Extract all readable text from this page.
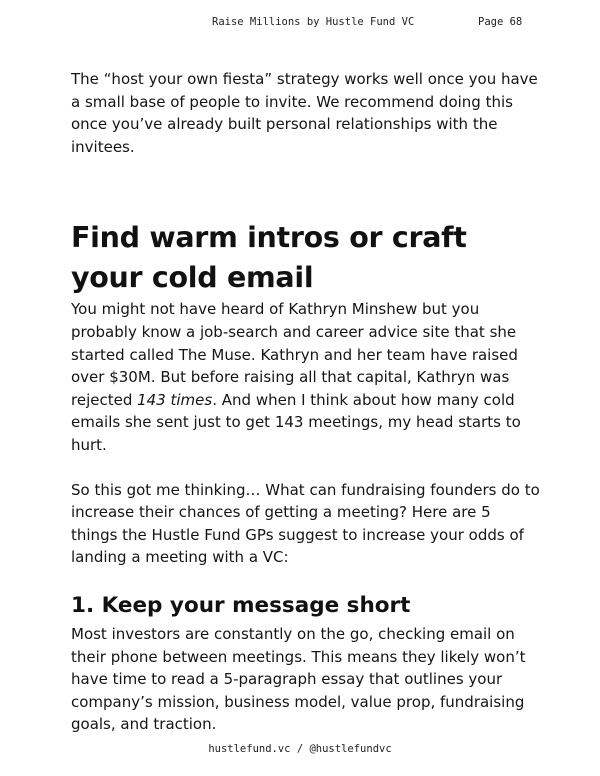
Raise Millions by Hustle Fund VC	Page 68

The “host your own fiesta” strategy works well once you have a small base of people to invite. We recommend doing this once you’ve already built personal relationships with the invitees.

Find warm intros or craft your cold email

You might not have heard of Kathryn Minshew but you probably know a job-search and career advice site that she started called The Muse. Kathryn and her team have raised over $30M. But before raising all that capital, Kathryn was rejected 143 times. And when I think about how many cold emails she sent just to get 143 meetings, my head starts to hurt.

So this got me thinking… What can fundraising founders do to increase their chances of getting a meeting? Here are 5 things the Hustle Fund GPs suggest to increase your odds of landing a meeting with a VC:

1. Keep your message short

Most investors are constantly on the go, checking email on their phone between meetings. This means they likely won’t have time to read a 5-paragraph essay that outlines your company’s mission, business model, value prop, fundraising goals, and traction.

hustlefund.vc / @hustlefundvc
